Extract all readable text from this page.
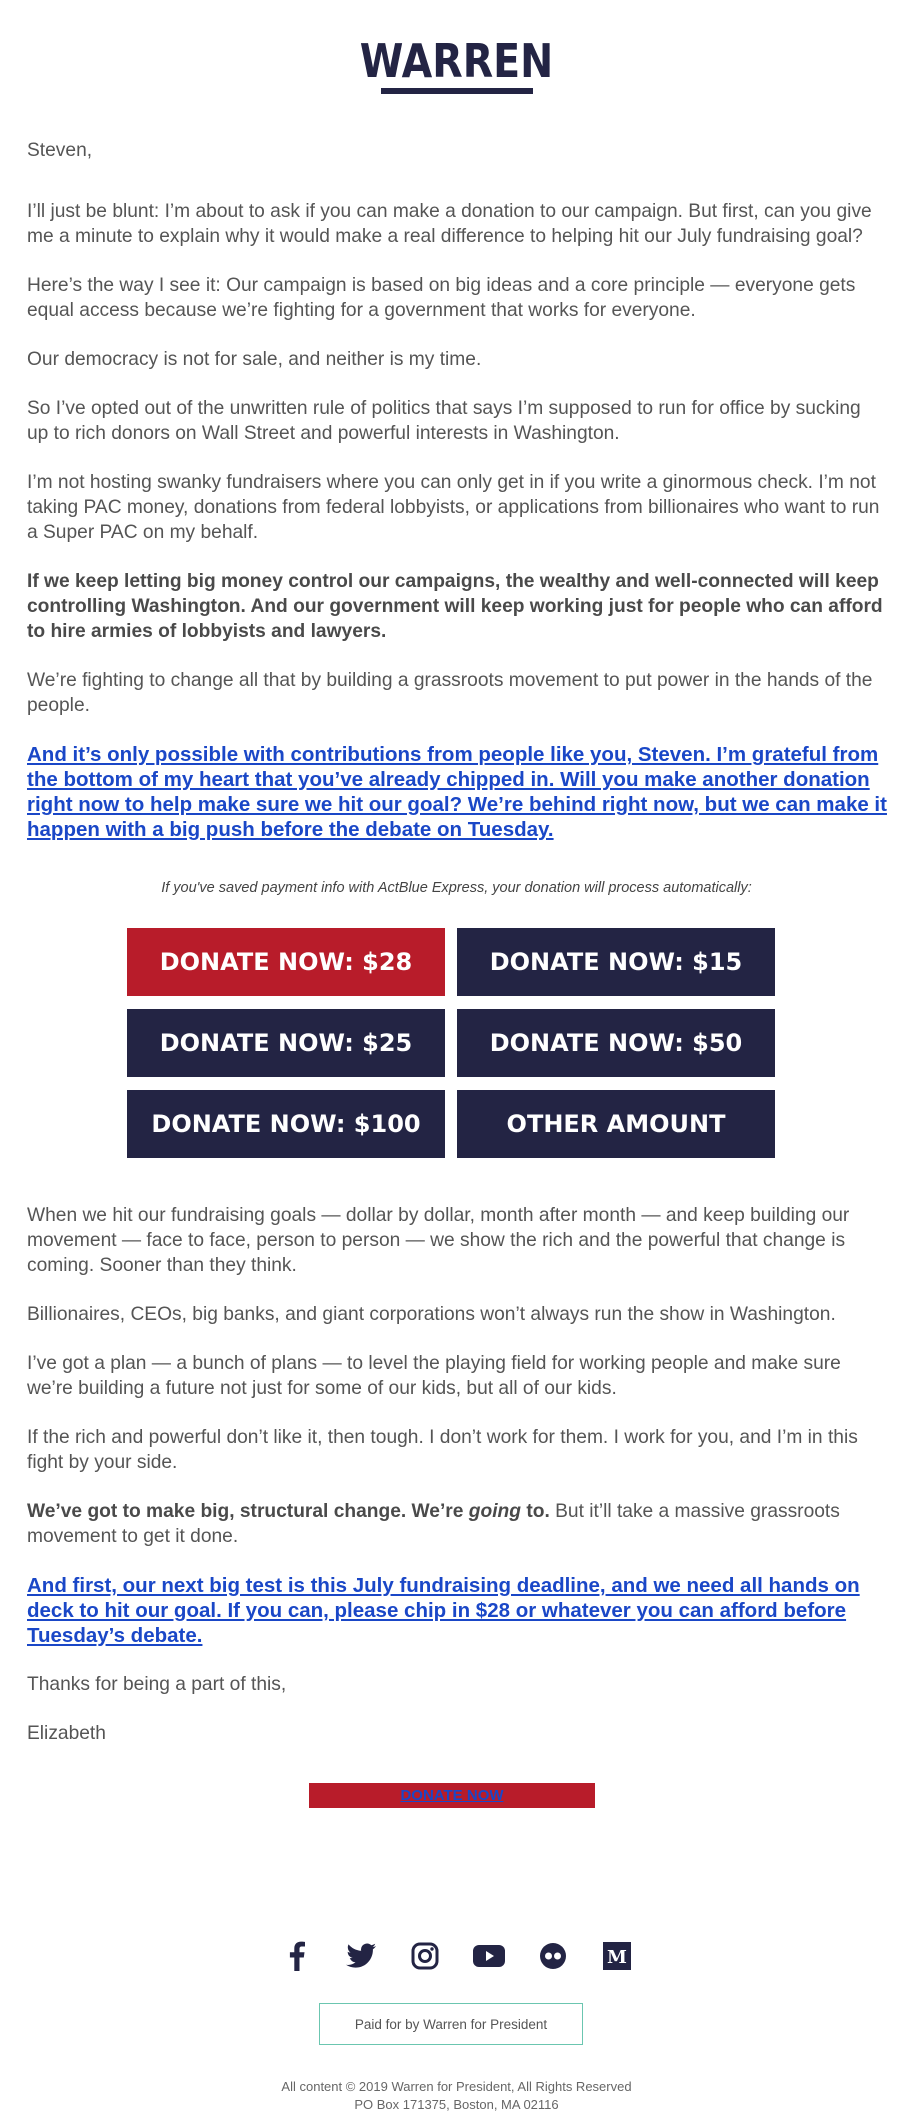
WARREN

Steven,

I’ll just be blunt: I’m about to ask if you can make a donation to our campaign. But first, can you give me a minute to explain why it would make a real difference to helping hit our July fundraising goal?

Here’s the way I see it: Our campaign is based on big ideas and a core principle — everyone gets equal access because we’re fighting for a government that works for everyone.

Our democracy is not for sale, and neither is my time.

So I’ve opted out of the unwritten rule of politics that says I’m supposed to run for office by sucking up to rich donors on Wall Street and powerful interests in Washington.

I’m not hosting swanky fundraisers where you can only get in if you write a ginormous check. I’m not taking PAC money, donations from federal lobbyists, or applications from billionaires who want to run a Super PAC on my behalf.

If we keep letting big money control our campaigns, the wealthy and well-connected will keep controlling Washington. And our government will keep working just for people who can afford to hire armies of lobbyists and lawyers.

We’re fighting to change all that by building a grassroots movement to put power in the hands of the people.

And it’s only possible with contributions from people like you, Steven. I’m grateful from the bottom of my heart that you’ve already chipped in. Will you make another donation right now to help make sure we hit our goal? We’re behind right now, but we can make it happen with a big push before the debate on Tuesday.
If you've saved payment info with ActBlue Express, your donation will process automatically:
DONATE NOW: $28	DONATE NOW: $15
DONATE NOW: $25	DONATE NOW: $50
DONATE NOW: $100	OTHER AMOUNT

When we hit our fundraising goals — dollar by dollar, month after month — and keep building our movement — face to face, person to person — we show the rich and the powerful that change is coming. Sooner than they think.

Billionaires, CEOs, big banks, and giant corporations won’t always run the show in Washington.

I’ve got a plan — a bunch of plans — to level the playing field for working people and make sure we’re building a future not just for some of our kids, but all of our kids.

If the rich and powerful don’t like it, then tough. I don’t work for them. I work for you, and I’m in this fight by your side.

We’ve got to make big, structural change. We’re going to. But it’ll take a massive grassroots movement to get it done.

And first, our next big test is this July fundraising deadline, and we need all hands on deck to hit our goal. If you can, please chip in $28 or whatever you can afford before Tuesday’s debate.

Thanks for being a part of this,

Elizabeth

DONATE NOW
M
Paid for by Warren for President
All content © 2019 Warren for President, All Rights Reserved
PO Box 171375, Boston, MA 02116
